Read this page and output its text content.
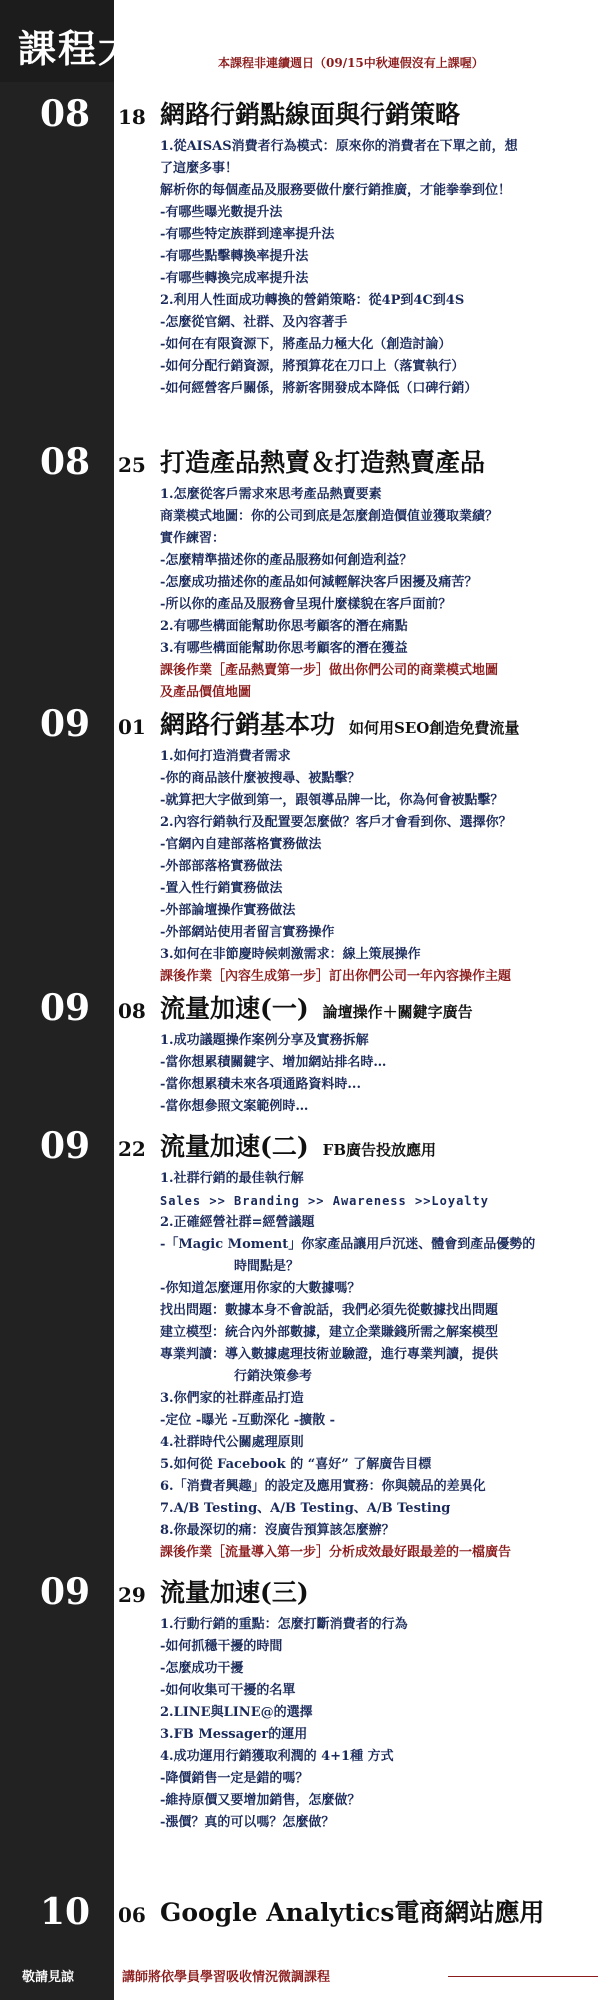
課程大綱	本課程非連續週日（09/15中秋連假沒有上課喔）
08 18 網路行銷點線面與行銷策略
1.從AISAS消費者行為模式：原來你的消費者在下單之前，想
了這麼多事！
解析你的每個產品及服務要做什麼行銷推廣，才能拳拳到位！
-有哪些曝光數提升法
-有哪些特定族群到達率提升法
-有哪些點擊轉換率提升法
-有哪些轉換完成率提升法
2.利用人性面成功轉換的營銷策略：從4P到4C到4S
-怎麼從官網、社群、及內容著手
-如何在有限資源下，將產品力極大化（創造討論）
-如何分配行銷資源，將預算花在刀口上（落實執行）
-如何經營客戶關係，將新客開發成本降低（口碑行銷）
08 25 打造產品熱賣＆打造熱賣產品
1.怎麼從客戶需求來思考產品熱賣要素
商業模式地圖：你的公司到底是怎麼創造價值並獲取業績？
實作練習：
-怎麼精準描述你的產品服務如何創造利益？
-怎麼成功描述你的產品如何減輕解決客戶困擾及痛苦？
-所以你的產品及服務會呈現什麼樣貌在客戶面前？
2.有哪些構面能幫助你思考顧客的潛在痛點
3.有哪些構面能幫助你思考顧客的潛在獲益
課後作業［產品熱賣第一步］做出你們公司的商業模式地圖
及產品價值地圖
09 01 網路行銷基本功 如何用SEO創造免費流量
1.如何打造消費者需求
-你的商品該什麼被搜尋、被點擊？
-就算把大字做到第一，跟領導品牌一比，你為何會被點擊？
2.內容行銷執行及配置要怎麼做？客戶才會看到你、選擇你？
-官網內自建部落格實務做法
-外部部落格實務做法
-置入性行銷實務做法
-外部論壇操作實務做法
-外部網站使用者留言實務操作
3.如何在非節慶時候刺激需求：線上策展操作
課後作業［內容生成第一步］訂出你們公司一年內容操作主題
09 08 流量加速(一) 論壇操作＋關鍵字廣告
1.成功議題操作案例分享及實務拆解
-當你想累積關鍵字、增加網站排名時…
-當你想累積未來各項通路資料時...
-當你想參照文案範例時…
09 22 流量加速(二) FB廣告投放應用
1.社群行銷的最佳執行解
Sales >> Branding >> Awareness >>Loyalty
2.正確經營社群=經營議題
-「Magic Moment」你家產品讓用戶沉迷、體會到產品優勢的
時間點是？
-你知道怎麼運用你家的大數據嗎？
找出問題：數據本身不會說話，我們必須先從數據找出問題
建立模型：統合內外部數據，建立企業賺錢所需之解案模型
專業判讀：導入數據處理技術並驗證，進行專業判讀，提供
行銷決策參考
3.你們家的社群產品打造
-定位 -曝光 -互動深化 -擴散 -
4.社群時代公關處理原則
5.如何從 Facebook 的 “喜好” 了解廣告目標
6.「消費者興趣」的設定及應用實務：你與競品的差異化
7.A/B Testing、A/B Testing、A/B Testing
8.你最深切的痛：沒廣告預算該怎麼辦？
課後作業［流量導入第一步］分析成效最好跟最差的一檔廣告
09 29 流量加速(三)
1.行動行銷的重點：怎麼打斷消費者的行為
-如何抓穩干擾的時間
-怎麼成功干擾
-如何收集可干擾的名單
2.LINE與LINE@的選擇
3.FB Messager的運用
4.成功運用行銷獲取利潤的 4+1種 方式
-降價銷售一定是錯的嗎？
-維持原價又要增加銷售，怎麼做？
-漲價？真的可以嗎？怎麼做？
10 06 Google Analytics電商網站應用
敬請見諒	講師將依學員學習吸收情況微調課程
